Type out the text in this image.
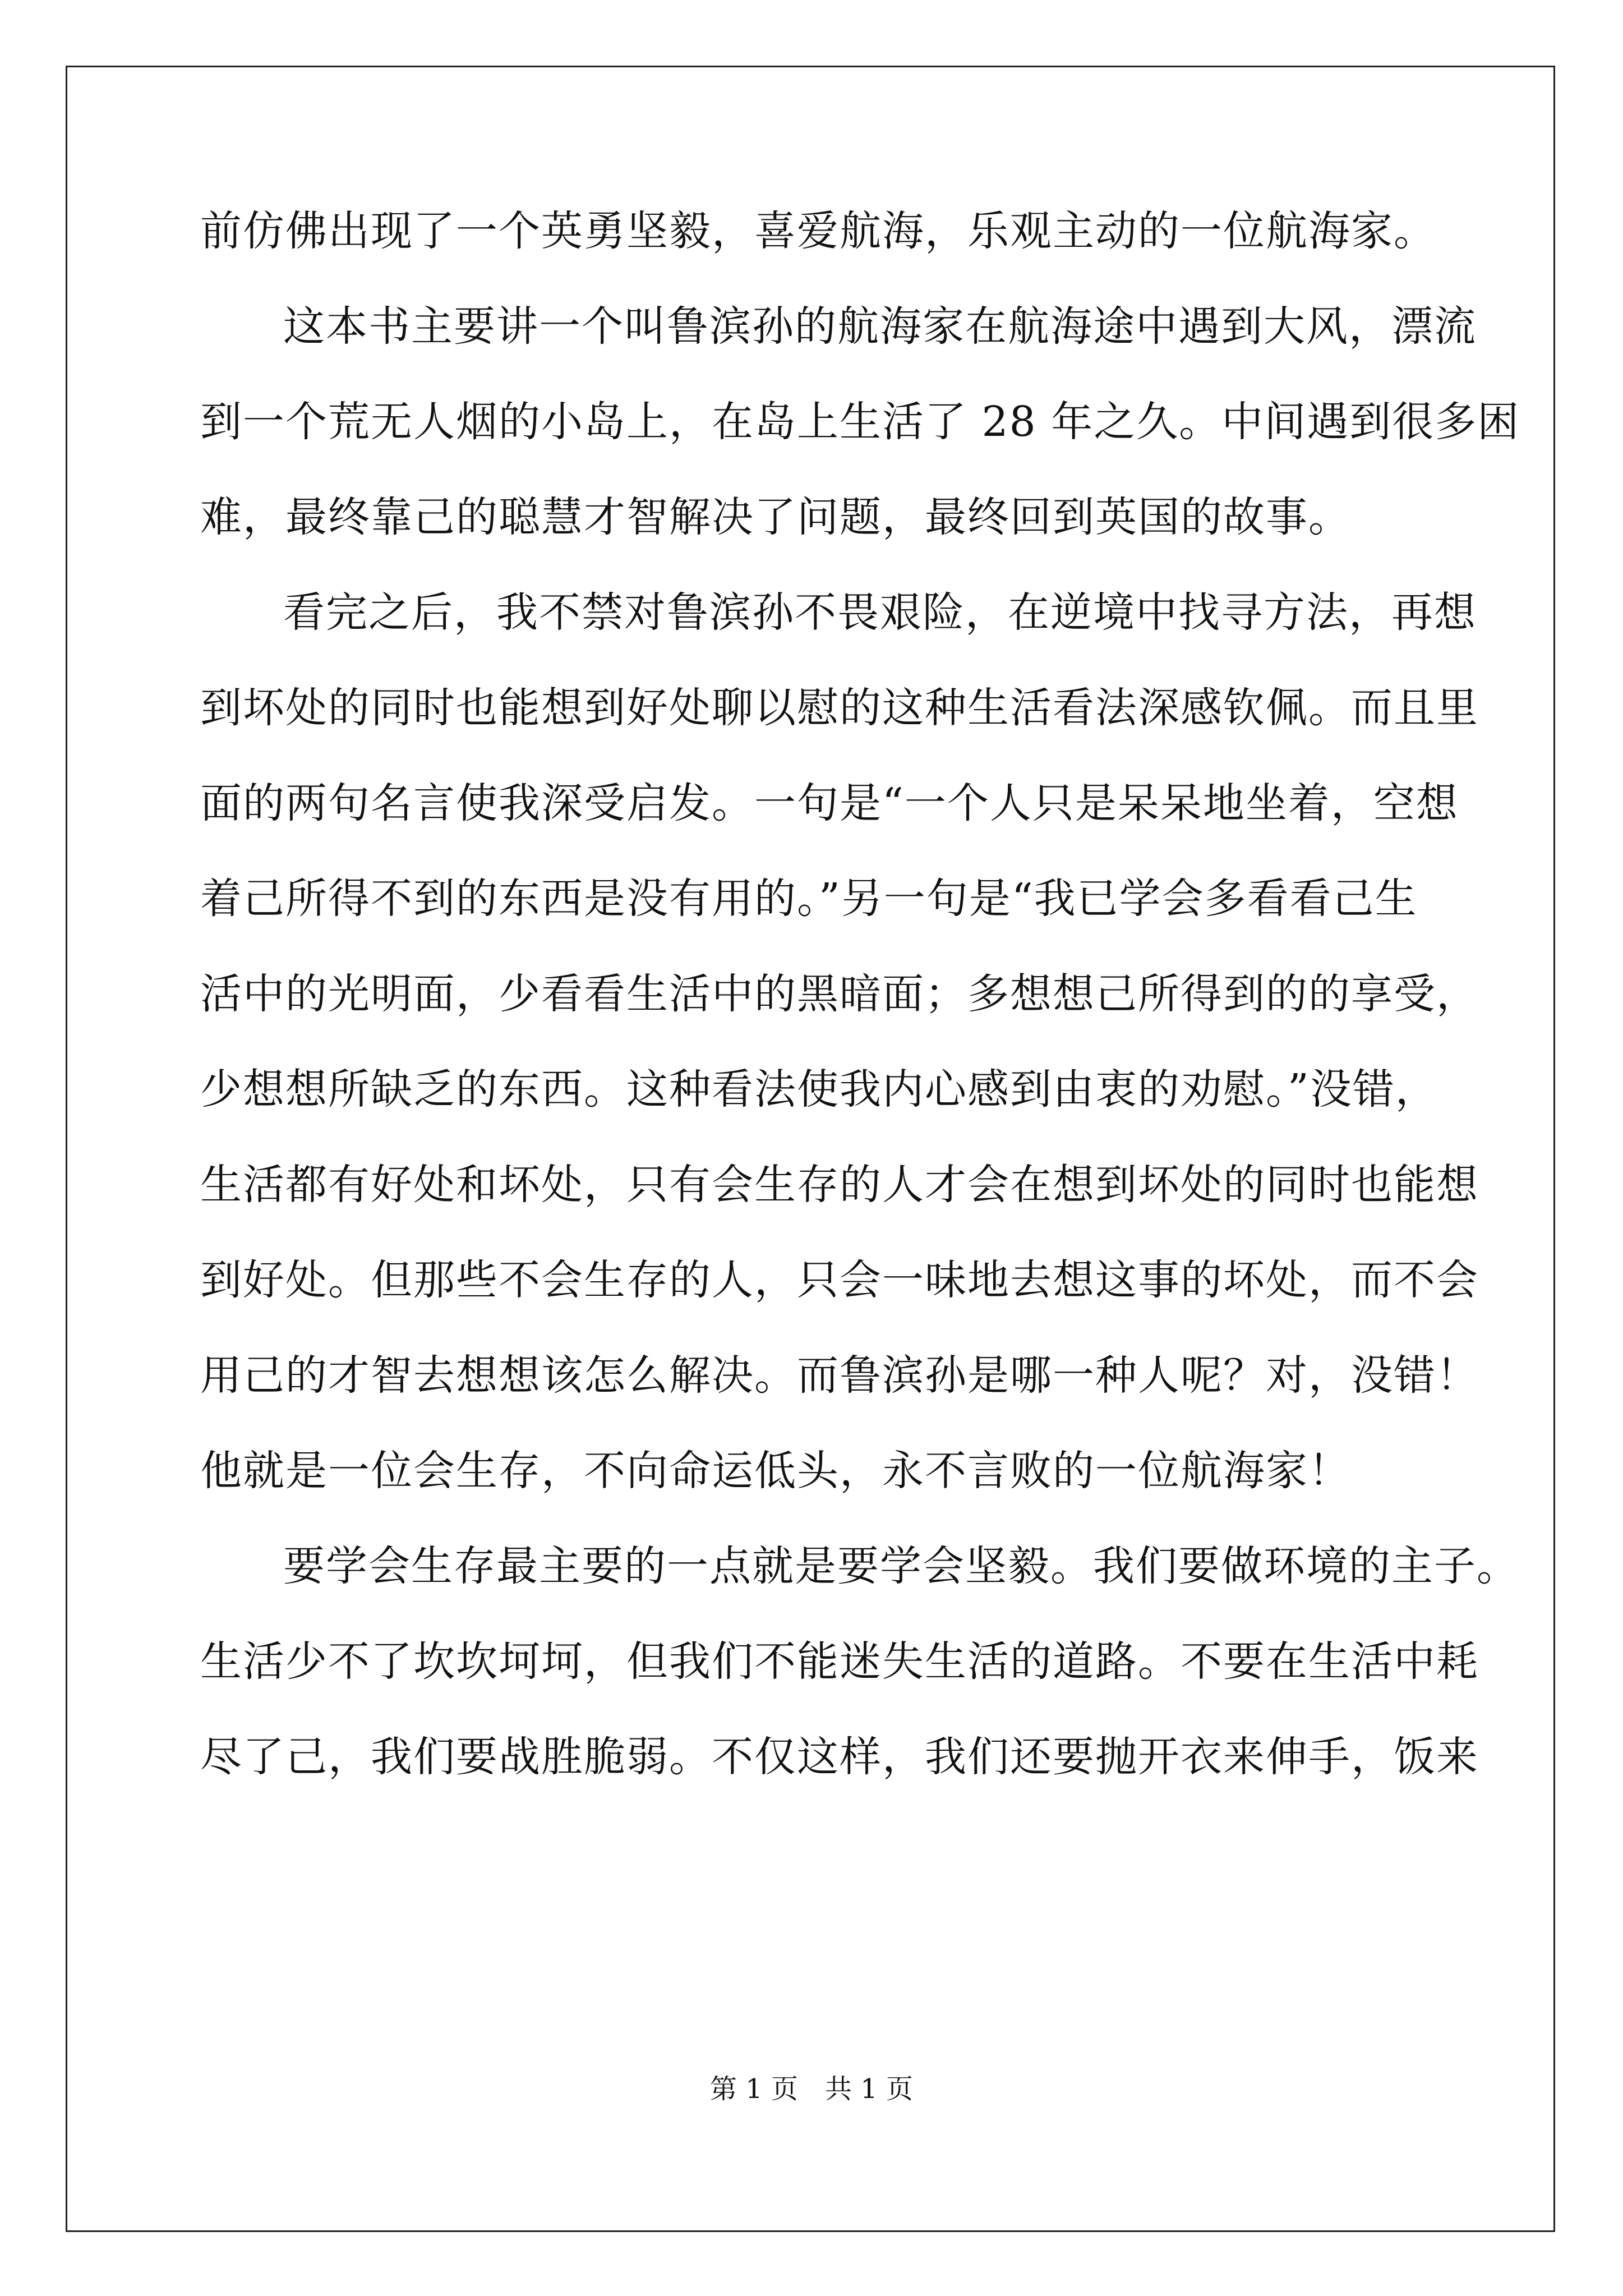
前仿佛出现了一个英勇坚毅，喜爱航海，乐观主动的一位航海家。
这本书主要讲一个叫鲁滨孙的航海家在航海途中遇到大风，漂流
到一个荒无人烟的小岛上，在岛上生活了 28 年之久。中间遇到很多困
难，最终靠己的聪慧才智解决了问题，最终回到英国的故事。
看完之后，我不禁对鲁滨孙不畏艰险，在逆境中找寻方法，再想
到坏处的同时也能想到好处聊以慰的这种生活看法深感钦佩。而且里
面的两句名言使我深受启发。一句是“一个人只是呆呆地坐着，空想
着己所得不到的东西是没有用的。”另一句是“我已学会多看看己生
活中的光明面，少看看生活中的黑暗面；多想想己所得到的的享受，
少想想所缺乏的东西。这种看法使我内心感到由衷的劝慰。”没错，
生活都有好处和坏处，只有会生存的人才会在想到坏处的同时也能想
到好处。但那些不会生存的人，只会一味地去想这事的坏处，而不会
用己的才智去想想该怎么解决。而鲁滨孙是哪一种人呢？对，没错！
他就是一位会生存，不向命运低头，永不言败的一位航海家！
要学会生存最主要的一点就是要学会坚毅。我们要做环境的主子。
生活少不了坎坎坷坷，但我们不能迷失生活的道路。不要在生活中耗
尽了己，我们要战胜脆弱。不仅这样，我们还要抛开衣来伸手，饭来
第 1 页　共 1 页
